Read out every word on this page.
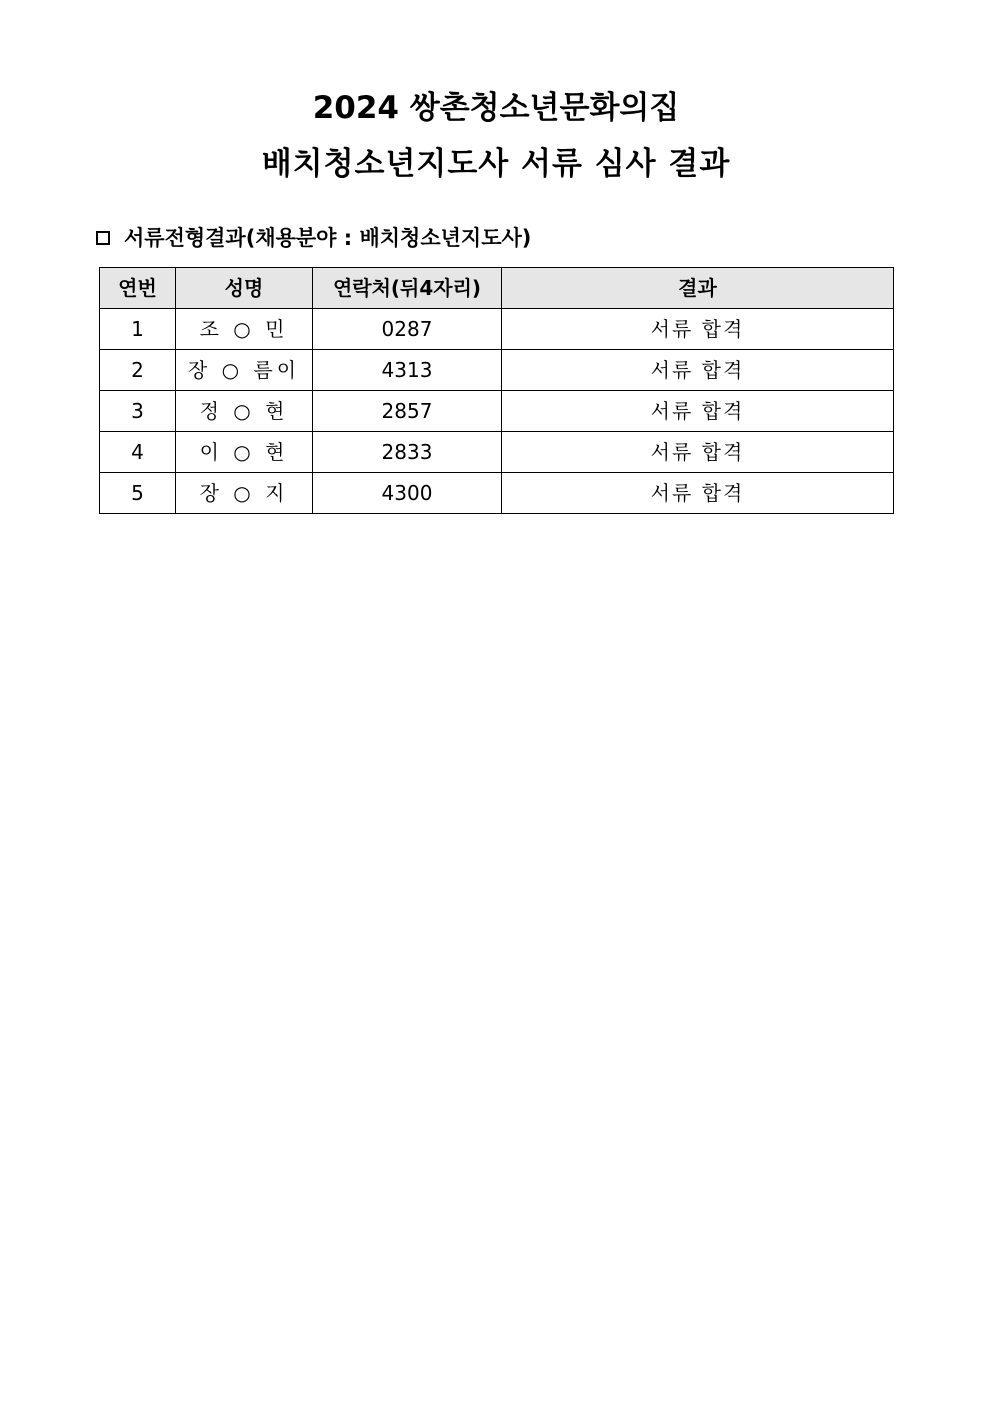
2024 쌍촌청소년문화의집
배치청소년지도사 서류 심사 결과
서류전형결과(채용분야 : 배치청소년지도사)
연번	성명	연락처(뒤4자리)	결과
1	조 ○ 민	0287	서류 합격
2	장 ○ 름이	4313	서류 합격
3	정 ○ 현	2857	서류 합격
4	이 ○ 현	2833	서류 합격
5	장 ○ 지	4300	서류 합격
